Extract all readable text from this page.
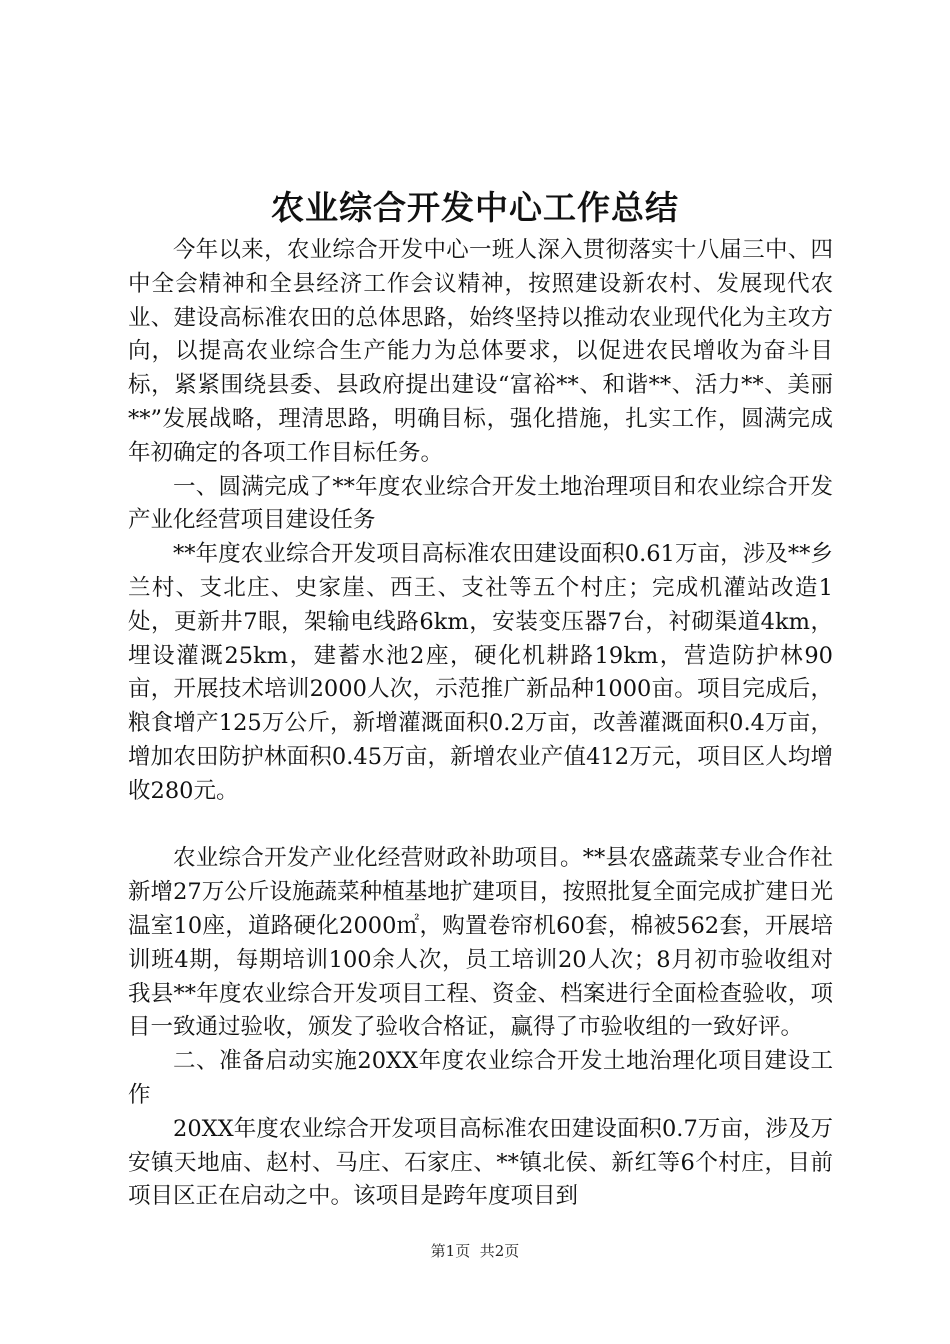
农业综合开发中心工作总结

今年以来，农业综合开发中心一班人深入贯彻落实十八届三中、四中全会精神和全县经济工作会议精神，按照建设新农村、发展现代农业、建设高标准农田的总体思路，始终坚持以推动农业现代化为主攻方向，以提高农业综合生产能力为总体要求，以促进农民增收为奋斗目标，紧紧围绕县委、县政府提出建设“富裕**、和谐**、活力**、美丽**”发展战略，理清思路，明确目标，强化措施，扎实工作，圆满完成年初确定的各项工作目标任务。

一、圆满完成了**年度农业综合开发土地治理项目和农业综合开发产业化经营项目建设任务

**年度农业综合开发项目高标准农田建设面积0.61万亩，涉及**乡兰村、支北庄、史家崖、西王、支社等五个村庄；完成机灌站改造1处，更新井7眼，架输电线路6km，安装变压器7台，衬砌渠道4km，埋设灌溉25km，建蓄水池2座，硬化机耕路19km，营造防护林90亩，开展技术培训2000人次，示范推广新品种1000亩。项目完成后，粮食增产125万公斤，新增灌溉面积0.2万亩，改善灌溉面积0.4万亩，增加农田防护林面积0.45万亩，新增农业产值412万元，项目区人均增收280元。

农业综合开发产业化经营财政补助项目。**县农盛蔬菜专业合作社新增27万公斤设施蔬菜种植基地扩建项目，按照批复全面完成扩建日光温室10座，道路硬化2000㎡，购置卷帘机60套，棉被562套，开展培训班4期，每期培训100余人次，员工培训20人次；8月初市验收组对我县**年度农业综合开发项目工程、资金、档案进行全面检查验收，项目一致通过验收，颁发了验收合格证，赢得了市验收组的一致好评。

二、准备启动实施20XX年度农业综合开发土地治理化项目建设工作

20XX年度农业综合开发项目高标准农田建设面积0.7万亩，涉及万安镇天地庙、赵村、马庄、石家庄、**镇北侯、新红等6个村庄，目前项目区正在启动之中。该项目是跨年度项目到

第1页 共2页
